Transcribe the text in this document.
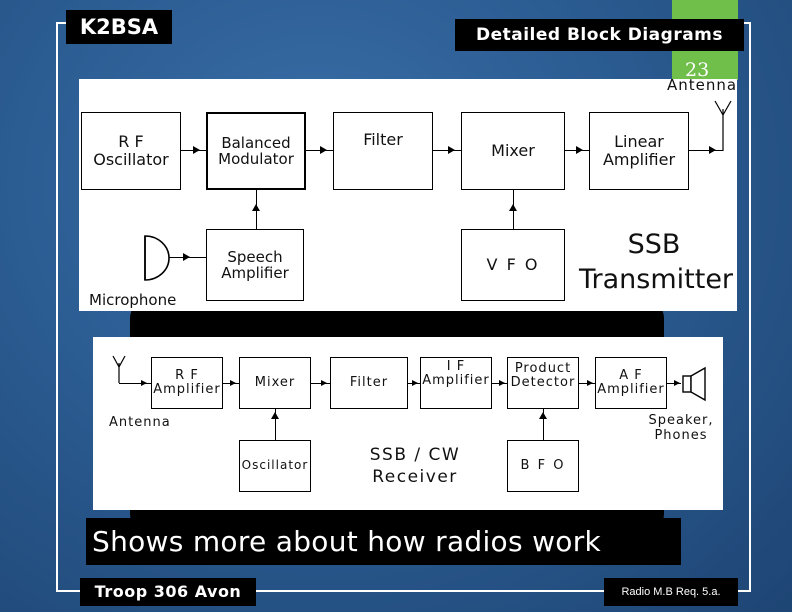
K2BSA	Detailed Block Diagrams
23
Antenna
R F
Oscillator
Balanced
Modulator
Filter
Mixer	Linear
Amplifier
Speech
Amplifier	V F O
Microphone
SSB
Transmitter
R F
Amplifier	Mixer	Filter
I F
Amplifier
Product
Detector
A F
Amplifier
Oscillator	B F O
Antenna	Speaker,
Phones
SSB / CW
Receiver
Shows more about how radios work
Troop 306 Avon	Radio M.B Req. 5.a.
